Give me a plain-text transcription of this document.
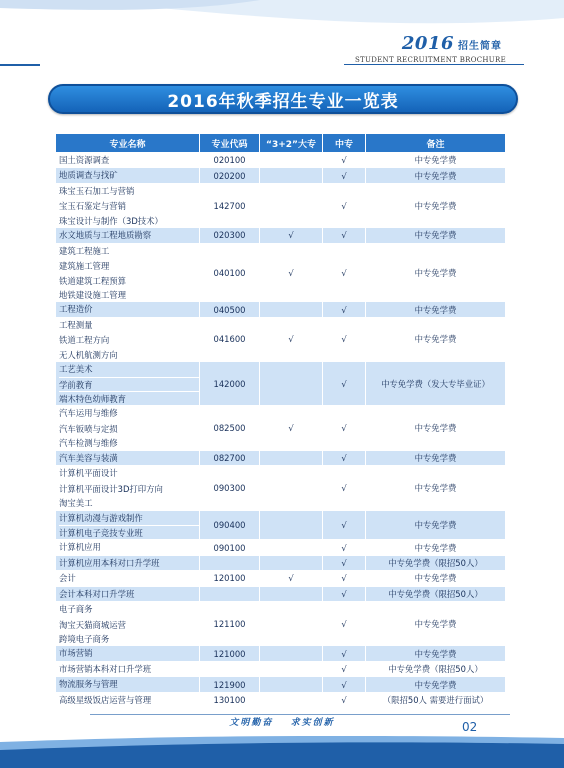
2016 招生简章
STUDENT RECRUITMENT BROCHURE
2016年秋季招生专业一览表
专业名称	专业代码	“3+2”大专	中专	备注

国土资源调查	020100		√	中专免学费

地质调查与找矿	020200		√	中专免学费

珠宝玉石加工与营销
宝玉石鉴定与营销
珠宝设计与制作（3D技术）	142700		√	中专免学费

水文地质与工程地质勘察	020300	√	√	中专免学费

建筑工程施工
建筑施工管理
铁道建筑工程预算
地铁建设施工管理	040100	√	√	中专免学费

工程造价	040500		√	中专免学费

工程测量
铁道工程方向
无人机航测方向	041600	√	√	中专免学费

工艺美术
学前教育
端木特色幼师教育	142000		√	中专免学费（发大专毕业证）

汽车运用与维修
汽车钣喷与定损
汽车检测与维修	082500	√	√	中专免学费

汽车美容与装潢	082700		√	中专免学费

计算机平面设计
计算机平面设计3D打印方向
淘宝美工	090300		√	中专免学费

计算机动漫与游戏制作
计算机电子竞技专业班	090400		√	中专免学费

计算机应用	090100		√	中专免学费

计算机应用本科对口升学班			√	中专免学费（限招50人）

会计	120100	√	√	中专免学费

会计本科对口升学班			√	中专免学费（限招50人）

电子商务
淘宝天猫商城运营
跨境电子商务	121100		√	中专免学费

市场营销	121000		√	中专免学费

市场营销本科对口升学班			√	中专免学费（限招50人）

物流服务与管理	121900		√	中专免学费

高级星级饭店运营与管理	130100		√	（限招50人 需要进行面试）
文明勤奋 求实创新	02
